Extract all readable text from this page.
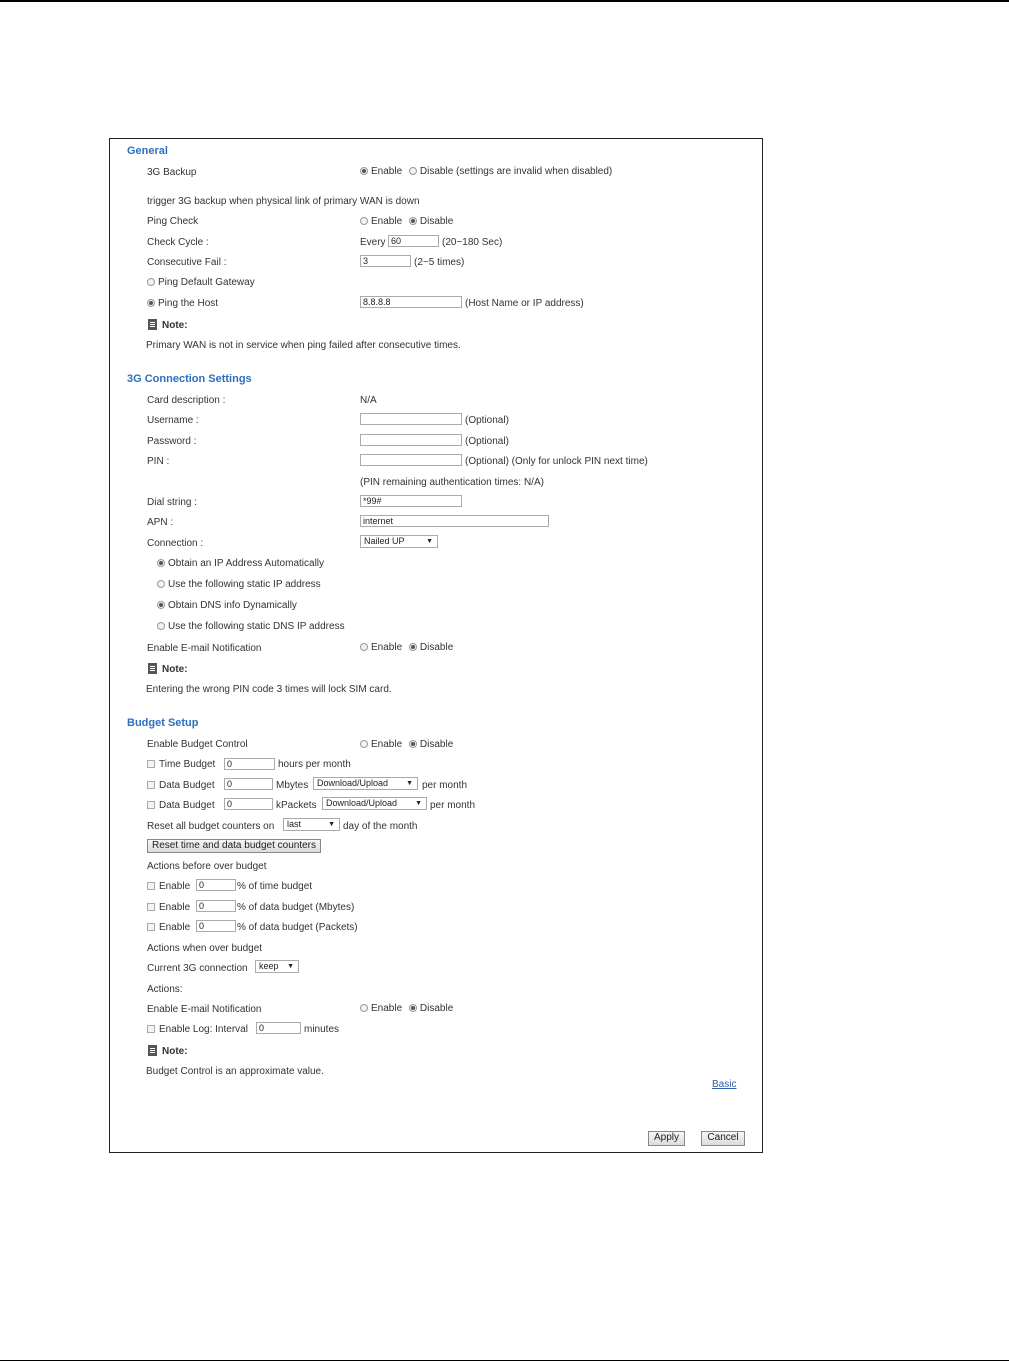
General
3G Backup	Enable Disable (settings are invalid when disabled)
trigger 3G backup when physical link of primary WAN is down
Ping Check	Enable Disable
Check Cycle :	Every 60	(20~180 Sec)
Consecutive Fail :	3	(2~5 times)
Ping Default Gateway
Ping the Host	8.8.8.8	(Host Name or IP address)
Note:
Primary WAN is not in service when ping failed after consecutive times.
3G Connection Settings
Card description :	N/A
Username :	(Optional)
Password :	(Optional)
PIN :	(Optional) (Only for unlock PIN next time)
(PIN remaining authentication times: N/A)
Dial string :	*99#
APN :	internet
Connection :	Nailed UP	▼
Obtain an IP Address Automatically
Use the following static IP address
Obtain DNS info Dynamically
Use the following static DNS IP address
Enable E-mail Notification	Enable Disable
Note:
Entering the wrong PIN code 3 times will lock SIM card.
Budget Setup
Enable Budget Control	Enable Disable
Time Budget	0	hours per month
Data Budget	0	Mbytes Download/Upload	▼ per month
Data Budget	0	kPackets	Download/Upload	▼ per month
Reset all budget counters on	last	▼ day of the month
Reset time and data budget counters
Actions before over budget
Enable 0	% of time budget
Enable 0	% of data budget (Mbytes)
Enable 0	% of data budget (Packets)
Actions when over budget
Current 3G connection	keep ▼
Actions:
Enable E-mail Notification	Enable Disable
Enable Log: Interval	0	minutes
Note:
Budget Control is an approximate value.
Basic
Apply	Cancel
